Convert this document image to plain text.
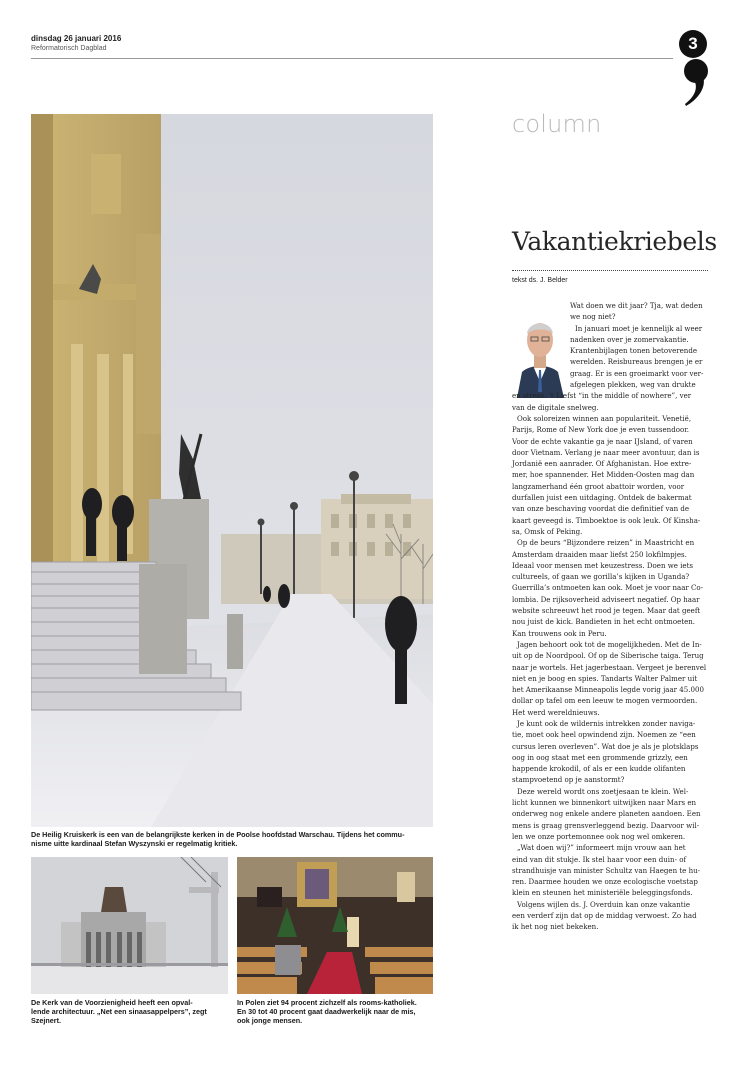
dinsdag 26 januari 2016
Reformatorisch Dagblad	3
De Heilig Kruiskerk is een van de belangrijkste kerken in de Poolse hoofdstad Warschau. Tijdens het commu-
nisme uitte kardinaal Stefan Wyszynski er regelmatig kritiek.
De Kerk van de Voorzienigheid heeft een opval-
lende architectuur. „Net een sinaasappelpers”, zegt
Szejnert.
In Polen ziet 94 procent zichzelf als rooms-katholiek.
En 30 tot 40 procent gaat daadwerkelijk naar de mis,
ook jonge mensen.
column
Vakantiekriebels
tekst ds. J. Belder
Wat doen we dit jaar? Tja, wat deden
we nog niet?
In januari moet je kennelijk al weer
nadenken over je zomervakantie.
Krantenbijlagen tonen betoverende
werelden. Reisbureaus brengen je er
graag. Er is een groeimarkt voor ver-
afgelegen plekken, weg van drukte
en stress. ’t Liefst “in the middle of nowhere”, ver
van de digitale snelweg.
Ook soloreizen winnen aan populariteit. Venetië,
Parijs, Rome of New York doe je even tussendoor.
Voor de echte vakantie ga je naar IJsland, of varen
door Vietnam. Verlang je naar meer avontuur, dan is
Jordanië een aanrader. Of Afghanistan. Hoe extre-
mer, hoe spannender. Het Midden-Oosten mag dan
langzamerhand één groot abattoir worden, voor
durfallen juist een uitdaging. Ontdek de bakermat
van onze beschaving voordat die definitief van de
kaart geveegd is. Timboektoe is ook leuk. Of Kinsha-
sa, Omsk of Peking.
Op de beurs “Bijzondere reizen” in Maastricht en
Amsterdam draaiden maar liefst 250 lokfilmpjes.
Ideaal voor mensen met keuzestress. Doen we iets
cultureels, of gaan we gorilla’s kijken in Uganda?
Guerrilla’s ontmoeten kan ook. Moet je voor naar Co-
lombia. De rijksoverheid adviseert negatief. Op haar
website schreeuwt het rood je tegen. Maar dat geeft
nou juist de kick. Bandieten in het echt ontmoeten.
Kan trouwens ook in Peru.
Jagen behoort ook tot de mogelijkheden. Met de In-
uit op de Noordpool. Of op de Siberische taiga. Terug
naar je wortels. Het jagerbestaan. Vergeet je berenvel
niet en je boog en spies. Tandarts Walter Palmer uit
het Amerikaanse Minneapolis legde vorig jaar 45.000
dollar op tafel om een leeuw te mogen vermoorden.
Het werd wereldnieuws.
Je kunt ook de wildernis intrekken zonder naviga-
tie, moet ook heel opwindend zijn. Noemen ze “een
cursus leren overleven”. Wat doe je als je plotsklaps
oog in oog staat met een grommende grizzly, een
happende krokodil, of als er een kudde olifanten
stampvoetend op je aanstormt?
Deze wereld wordt ons zoetjesaan te klein. Wel-
licht kunnen we binnenkort uitwijken naar Mars en
onderweg nog enkele andere planeten aandoen. Een
mens is graag grensverleggend bezig. Daarvoor wil-
len we onze portemonnee ook nog wel omkeren.
„Wat doen wij?” informeert mijn vrouw aan het
eind van dit stukje. Ik stel haar voor een duin- of
strandhuisje van minister Schultz van Haegen te hu-
ren. Daarmee houden we onze ecologische voetstap
klein en steunen het ministeriële beleggingsfonds.
Volgens wijlen ds. J. Overduin kan onze vakantie
een verderf zijn dat op de middag verwoest. Zo had
ik het nog niet bekeken.
